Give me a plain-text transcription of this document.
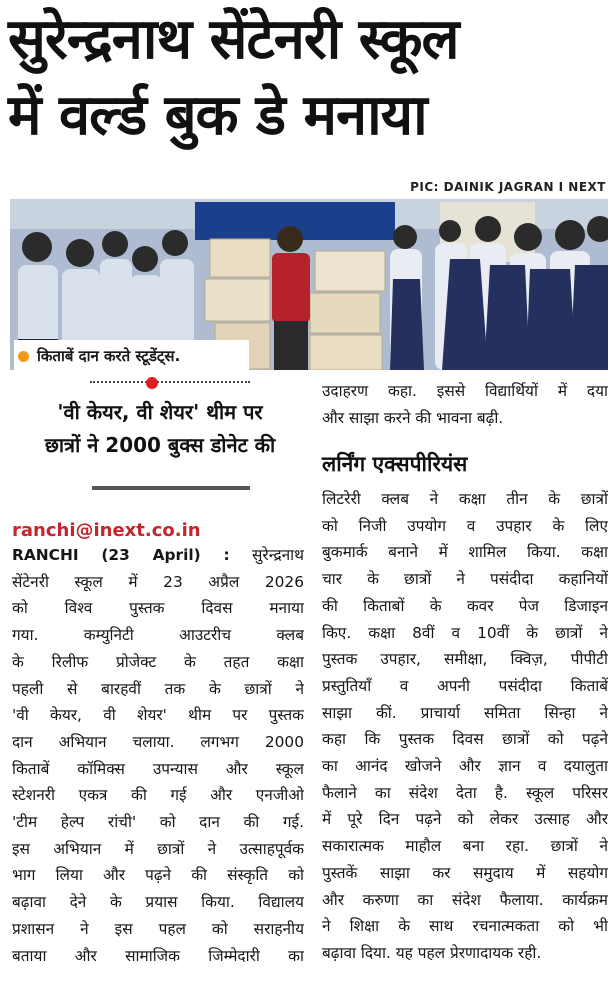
सुरेन्द्रनाथ सेंटेनरी स्कूल
में वर्ल्ड बुक डे मनाया
PIC: DAINIK JAGRAN I NEXT
किताबें दान करते स्टूडेंट्स.
'वी केयर, वी शेयर' थीम पर
छात्रों ने 2000 बुक्स डोनेट की
ranchi@inext.co.in
RANCHI (23 April) : सुरेन्द्रनाथ
सेंटेनरी स्कूल में 23 अप्रैल 2026
को विश्व पुस्तक दिवस मनाया
गया. कम्युनिटी आउटरीच क्लब
के रिलीफ प्रोजेक्ट के तहत कक्षा
पहली से बारहवीं तक के छात्रों ने
'वी केयर, वी शेयर' थीम पर पुस्तक
दान अभियान चलाया. लगभग 2000
किताबें कॉमिक्स उपन्यास और स्कूल
स्टेशनरी एकत्र की गई और एनजीओ
'टीम हेल्प रांची' को दान की गई.
इस अभियान में छात्रों ने उत्साहपूर्वक
भाग लिया और पढ़ने की संस्कृति को
बढ़ावा देने के प्रयास किया. विद्यालय
प्रशासन ने इस पहल को सराहनीय
बताया और सामाजिक जिम्मेदारी का
उदाहरण कहा. इससे विद्यार्थियों में दया
और साझा करने की भावना बढ़ी.
लर्निंग एक्सपीरियंस
लिटरेरी क्लब ने कक्षा तीन के छात्रों
को निजी उपयोग व उपहार के लिए
बुकमार्क बनाने में शामिल किया. कक्षा
चार के छात्रों ने पसंदीदा कहानियों
की किताबों के कवर पेज डिजाइन
किए. कक्षा 8वीं व 10वीं के छात्रों ने
पुस्तक उपहार, समीक्षा, क्विज़, पीपीटी
प्रस्तुतियाँ व अपनी पसंदीदा किताबें
साझा कीं. प्राचार्या समिता सिन्हा ने
कहा कि पुस्तक दिवस छात्रों को पढ़ने
का आनंद खोजने और ज्ञान व दयालुता
फैलाने का संदेश देता है. स्कूल परिसर
में पूरे दिन पढ़ने को लेकर उत्साह और
सकारात्मक माहौल बना रहा. छात्रों ने
पुस्तकें साझा कर समुदाय में सहयोग
और करुणा का संदेश फैलाया. कार्यक्रम
ने शिक्षा के साथ रचनात्मकता को भी
बढ़ावा दिया. यह पहल प्रेरणादायक रही.
